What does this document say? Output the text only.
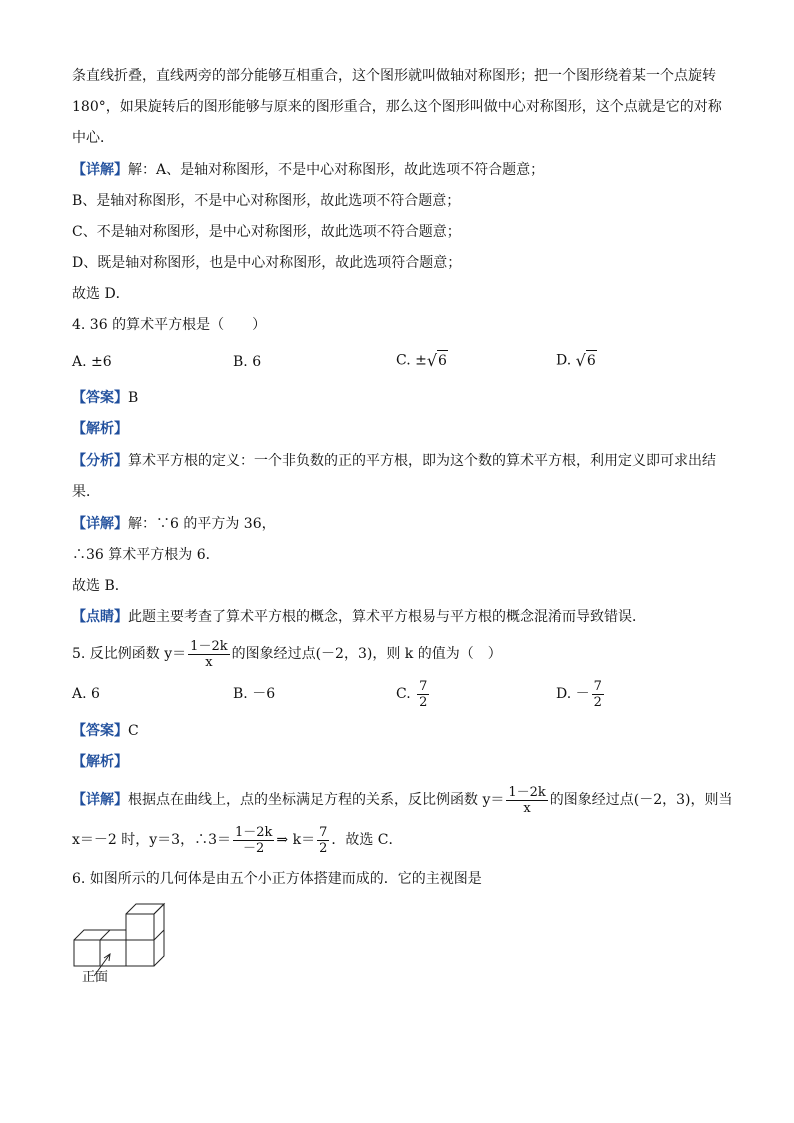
条直线折叠，直线两旁的部分能够互相重合，这个图形就叫做轴对称图形；把一个图形绕着某一个点旋转
180°，如果旋转后的图形能够与原来的图形重合，那么这个图形叫做中心对称图形，这个点就是它的对称
中心．
【详解】解：A、是轴对称图形，不是中心对称图形，故此选项不符合题意；
B、是轴对称图形，不是中心对称图形，故此选项不符合题意；
C、不是轴对称图形，是中心对称图形，故此选项不符合题意；
D、既是轴对称图形，也是中心对称图形，故此选项符合题意；
故选 D．
4. 36 的算术平方根是（　　）
A. ±6	B. 6	C. ± √ 6	D. √ 6
【答案】B
【解析】
【分析】算术平方根的定义：一个非负数的正的平方根，即为这个数的算术平方根，利用定义即可求出结
果．
【详解】解：∵6 的平方为 36，
∴36 算术平方根为 6．
故选 B．
【点睛】此题主要考查了算术平方根的概念，算术平方根易与平方根的概念混淆而导致错误．
5. 反比例函数 $y= \frac{1-2k}{x}$ 的图象经过点(－2，3)，则 k 的值为（　）
A. 6	B. －6	C. $\frac{7}{2}$	D. － $\frac{7}{2}$
【答案】C
【解析】
【详解】根据点在曲线上，点的坐标满足方程的关系，反比例函数 $y= \frac{1-2k}{x}$ 的图象经过点(－2，3)，则当
x＝－2 时，y＝3，∴3＝ $\frac{1-2k}{-2}$ ⇒ $k= \frac{7}{2}$ ．故选 C．
6. 如图所示的几何体是由五个小正方体搭建而成的．它的主视图是
正面
